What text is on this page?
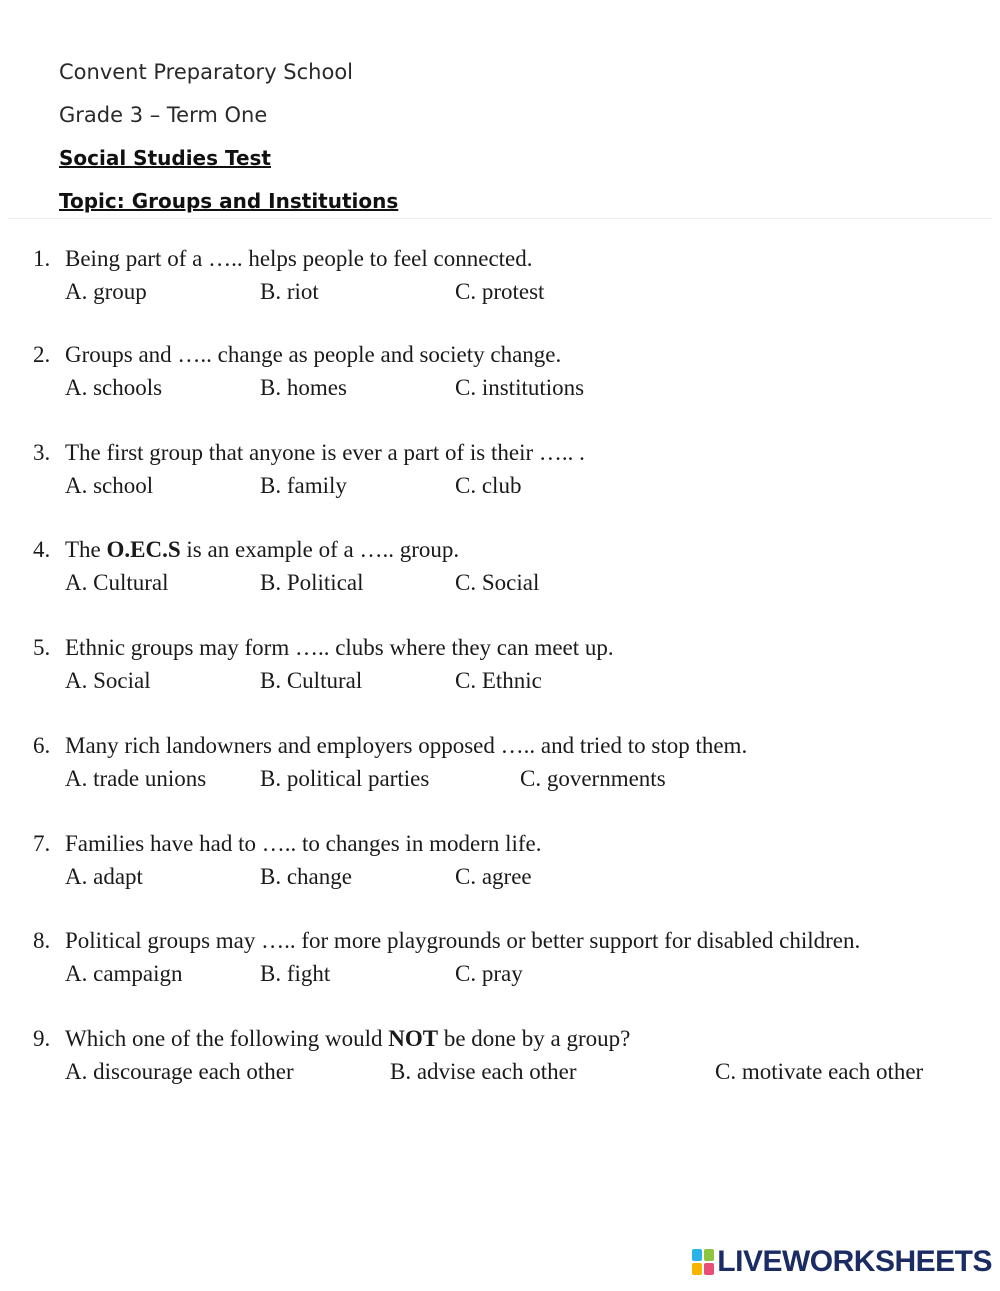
Convent Preparatory School
Grade 3 – Term One
Social Studies Test
Topic: Groups and Institutions
1. Being part of a ….. helps people to feel connected.
A. group	B. riot	C. protest
2. Groups and ….. change as people and society change.
A. schools	B. homes	C. institutions
3. The first group that anyone is ever a part of is their ….. .
A. school	B. family	C. club
4. The O.EC.S is an example of a ….. group.
A. Cultural	B. Political	C. Social
5. Ethnic groups may form ….. clubs where they can meet up.
A. Social	B. Cultural	C. Ethnic
6. Many rich landowners and employers opposed ….. and tried to stop them.
A. trade unions B. political parties	C. governments
7. Families have had to ….. to changes in modern life.
A. adapt	B. change	C. agree
8. Political groups may ….. for more playgrounds or better support for disabled children.
A. campaign	B. fight	C. pray
9. Which one of the following would NOT be done by a group?
A. discourage each other	B. advise each other	C. motivate each other
LIVEWORKSHEETS
